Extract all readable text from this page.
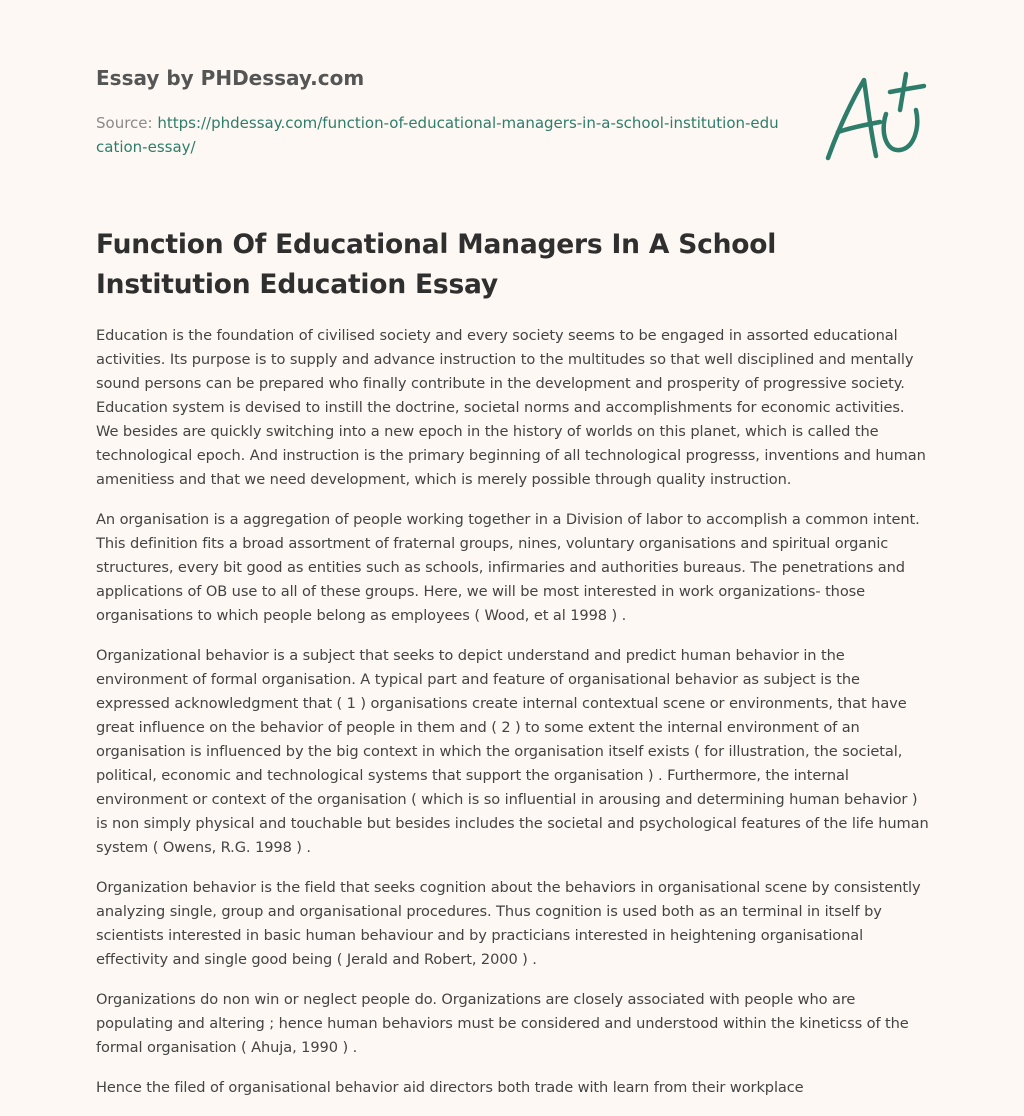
Essay by PHDessay.com

Source: https://phdessay.com/function-of-educational-managers-in-a-school-institution-education-essay/

Function Of Educational Managers In A School Institution Education Essay

Education is the foundation of civilised society and every society seems to be engaged in assorted educational activities. Its purpose is to supply and advance instruction to the multitudes so that well disciplined and mentally sound persons can be prepared who finally contribute in the development and prosperity of progressive society. Education system is devised to instill the doctrine, societal norms and accomplishments for economic activities. We besides are quickly switching into a new epoch in the history of worlds on this planet, which is called the technological epoch. And instruction is the primary beginning of all technological progresss, inventions and human amenitiess and that we need development, which is merely possible through quality instruction.

An organisation is a aggregation of people working together in a Division of labor to accomplish a common intent. This definition fits a broad assortment of fraternal groups, nines, voluntary organisations and spiritual organic structures, every bit good as entities such as schools, infirmaries and authorities bureaus. The penetrations and applications of OB use to all of these groups. Here, we will be most interested in work organizations- those organisations to which people belong as employees ( Wood, et al 1998 ) .

Organizational behavior is a subject that seeks to depict understand and predict human behavior in the environment of formal organisation. A typical part and feature of organisational behavior as subject is the expressed acknowledgment that ( 1 ) organisations create internal contextual scene or environments, that have great influence on the behavior of people in them and ( 2 ) to some extent the internal environment of an organisation is influenced by the big context in which the organisation itself exists ( for illustration, the societal, political, economic and technological systems that support the organisation ) . Furthermore, the internal environment or context of the organisation ( which is so influential in arousing and determining human behavior ) is non simply physical and touchable but besides includes the societal and psychological features of the life human system ( Owens, R.G. 1998 ) .

Organization behavior is the field that seeks cognition about the behaviors in organisational scene by consistently analyzing single, group and organisational procedures. Thus cognition is used both as an terminal in itself by scientists interested in basic human behaviour and by practicians interested in heightening organisational effectivity and single good being ( Jerald and Robert, 2000 ) .

Organizations do non win or neglect people do. Organizations are closely associated with people who are populating and altering ; hence human behaviors must be considered and understood within the kineticss of the formal organisation ( Ahuja, 1990 ) .

Hence the filed of organisational behavior aid directors both trade with learn from their workplace
